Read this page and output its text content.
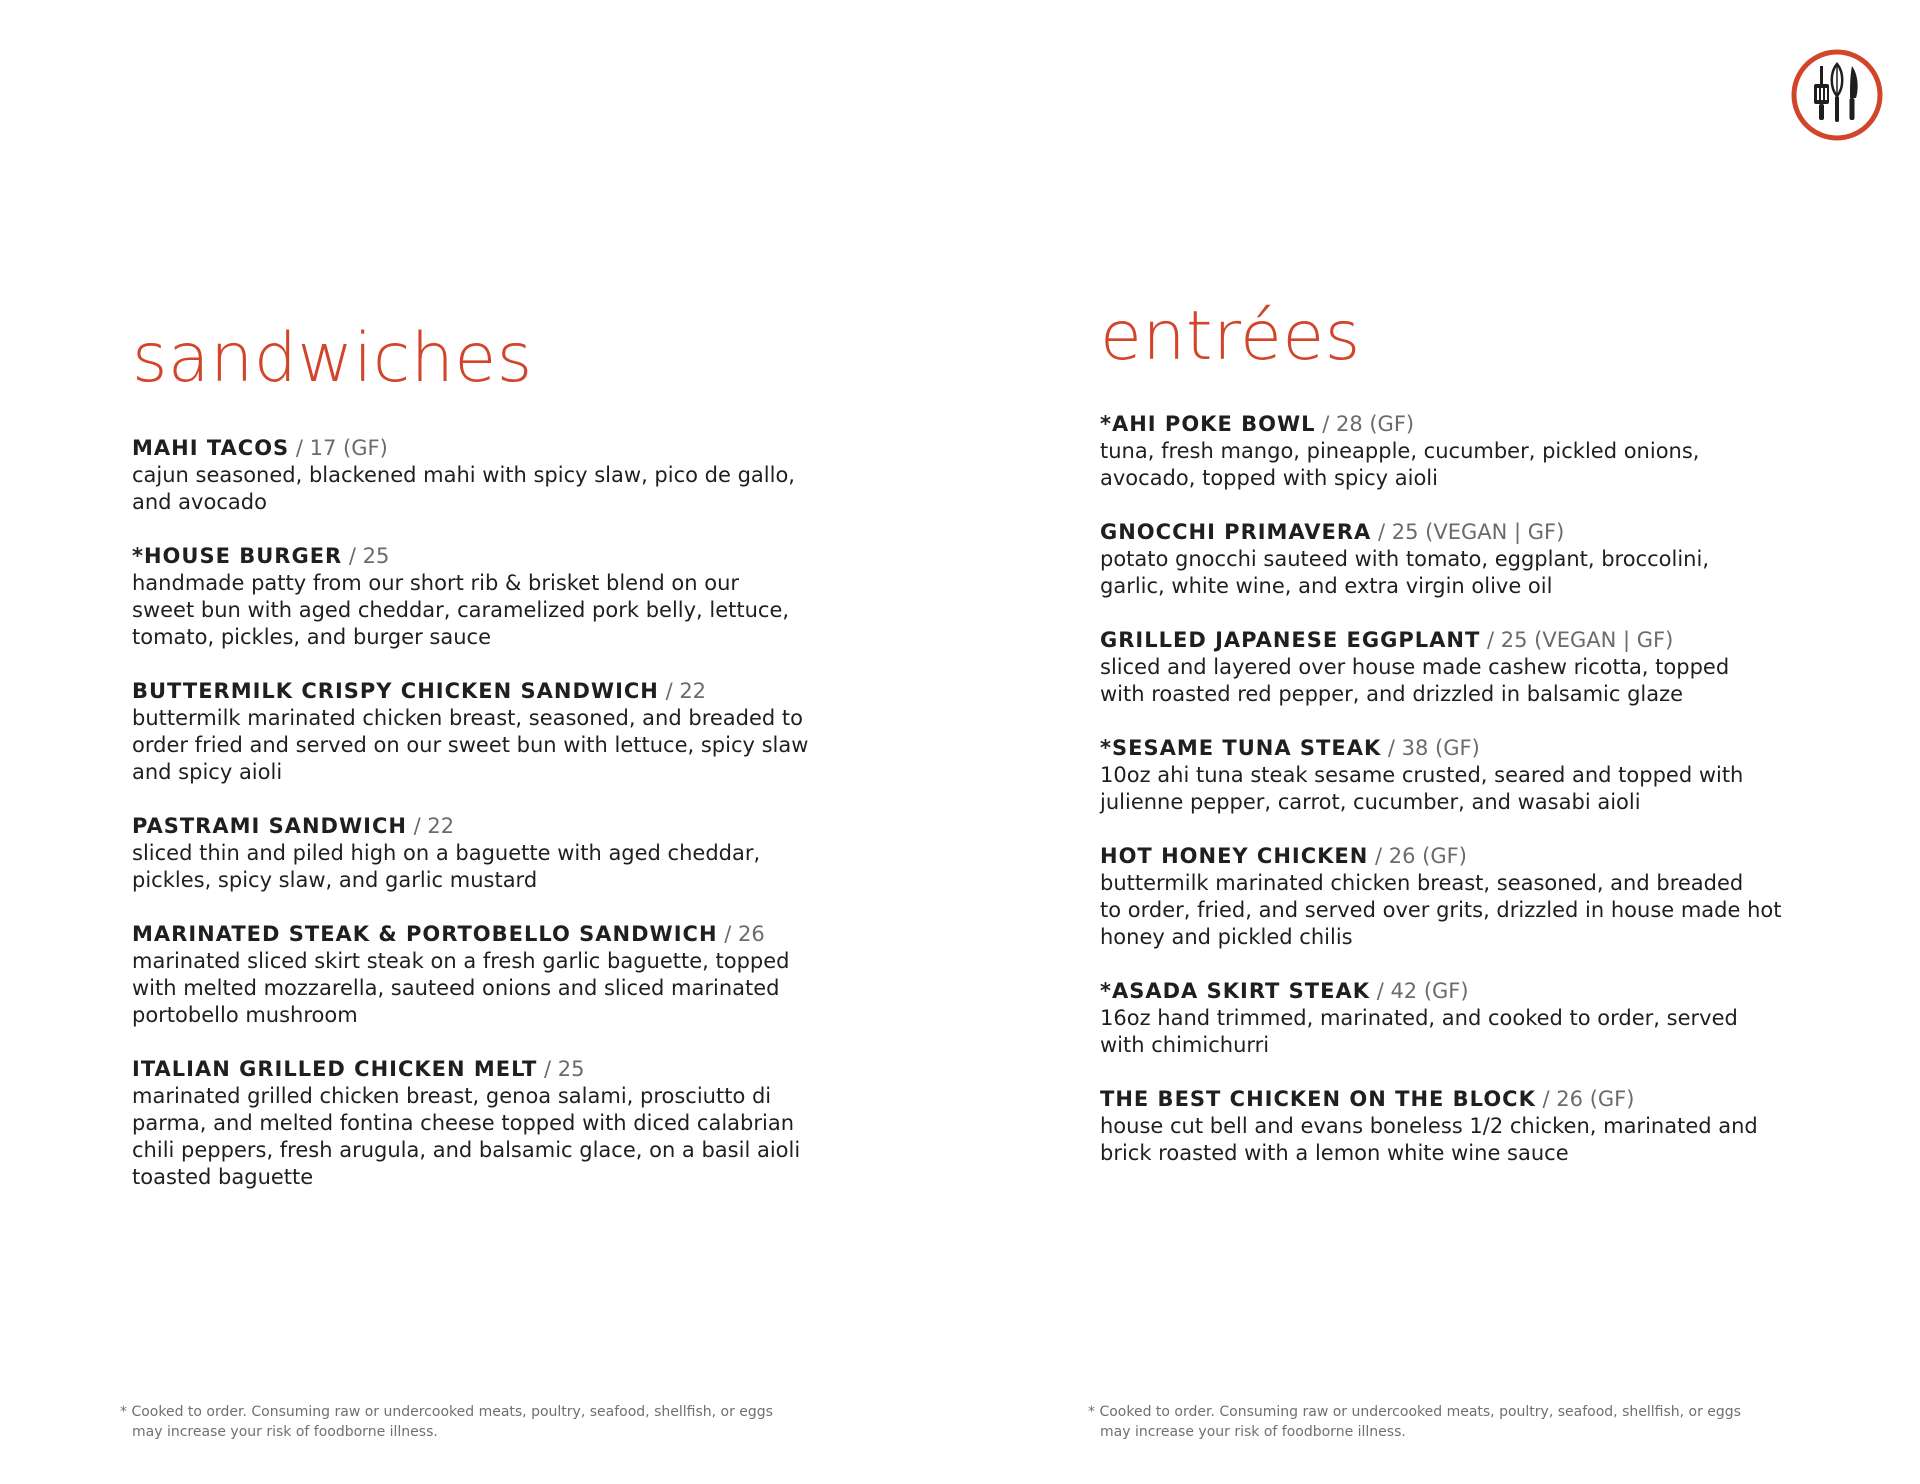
sandwiches
MAHI TACOS / 17 (GF)
cajun seasoned, blackened mahi with spicy slaw, pico de gallo,
and avocado
*HOUSE BURGER / 25
handmade patty from our short rib & brisket blend on our
sweet bun with aged cheddar, caramelized pork belly, lettuce,
tomato, pickles, and burger sauce
BUTTERMILK CRISPY CHICKEN SANDWICH / 22
buttermilk marinated chicken breast, seasoned, and breaded to
order fried and served on our sweet bun with lettuce, spicy slaw
and spicy aioli
PASTRAMI SANDWICH / 22
sliced thin and piled high on a baguette with aged cheddar,
pickles, spicy slaw, and garlic mustard
MARINATED STEAK & PORTOBELLO SANDWICH / 26
marinated sliced skirt steak on a fresh garlic baguette, topped
with melted mozzarella, sauteed onions and sliced marinated
portobello mushroom
ITALIAN GRILLED CHICKEN MELT / 25
marinated grilled chicken breast, genoa salami, prosciutto di
parma, and melted fontina cheese topped with diced calabrian
chili peppers, fresh arugula, and balsamic glace, on a basil aioli
toasted baguette
entrées
*AHI POKE BOWL / 28 (GF)
tuna, fresh mango, pineapple, cucumber, pickled onions,
avocado, topped with spicy aioli
GNOCCHI PRIMAVERA / 25 (VEGAN | GF)
potato gnocchi sauteed with tomato, eggplant, broccolini,
garlic, white wine, and extra virgin olive oil
GRILLED JAPANESE EGGPLANT / 25 (VEGAN | GF)
sliced and layered over house made cashew ricotta, topped
with roasted red pepper, and drizzled in balsamic glaze
*SESAME TUNA STEAK / 38 (GF)
10oz ahi tuna steak sesame crusted, seared and topped with
julienne pepper, carrot, cucumber, and wasabi aioli
HOT HONEY CHICKEN / 26 (GF)
buttermilk marinated chicken breast, seasoned, and breaded
to order, fried, and served over grits, drizzled in house made hot
honey and pickled chilis
*ASADA SKIRT STEAK / 42 (GF)
16oz hand trimmed, marinated, and cooked to order, served
with chimichurri
THE BEST CHICKEN ON THE BLOCK / 26 (GF)
house cut bell and evans boneless 1/2 chicken, marinated and
brick roasted with a lemon white wine sauce
* Cooked to order. Consuming raw or undercooked meats, poultry, seafood, shellfish, or eggs
may increase your risk of foodborne illness.
* Cooked to order. Consuming raw or undercooked meats, poultry, seafood, shellfish, or eggs
may increase your risk of foodborne illness.
